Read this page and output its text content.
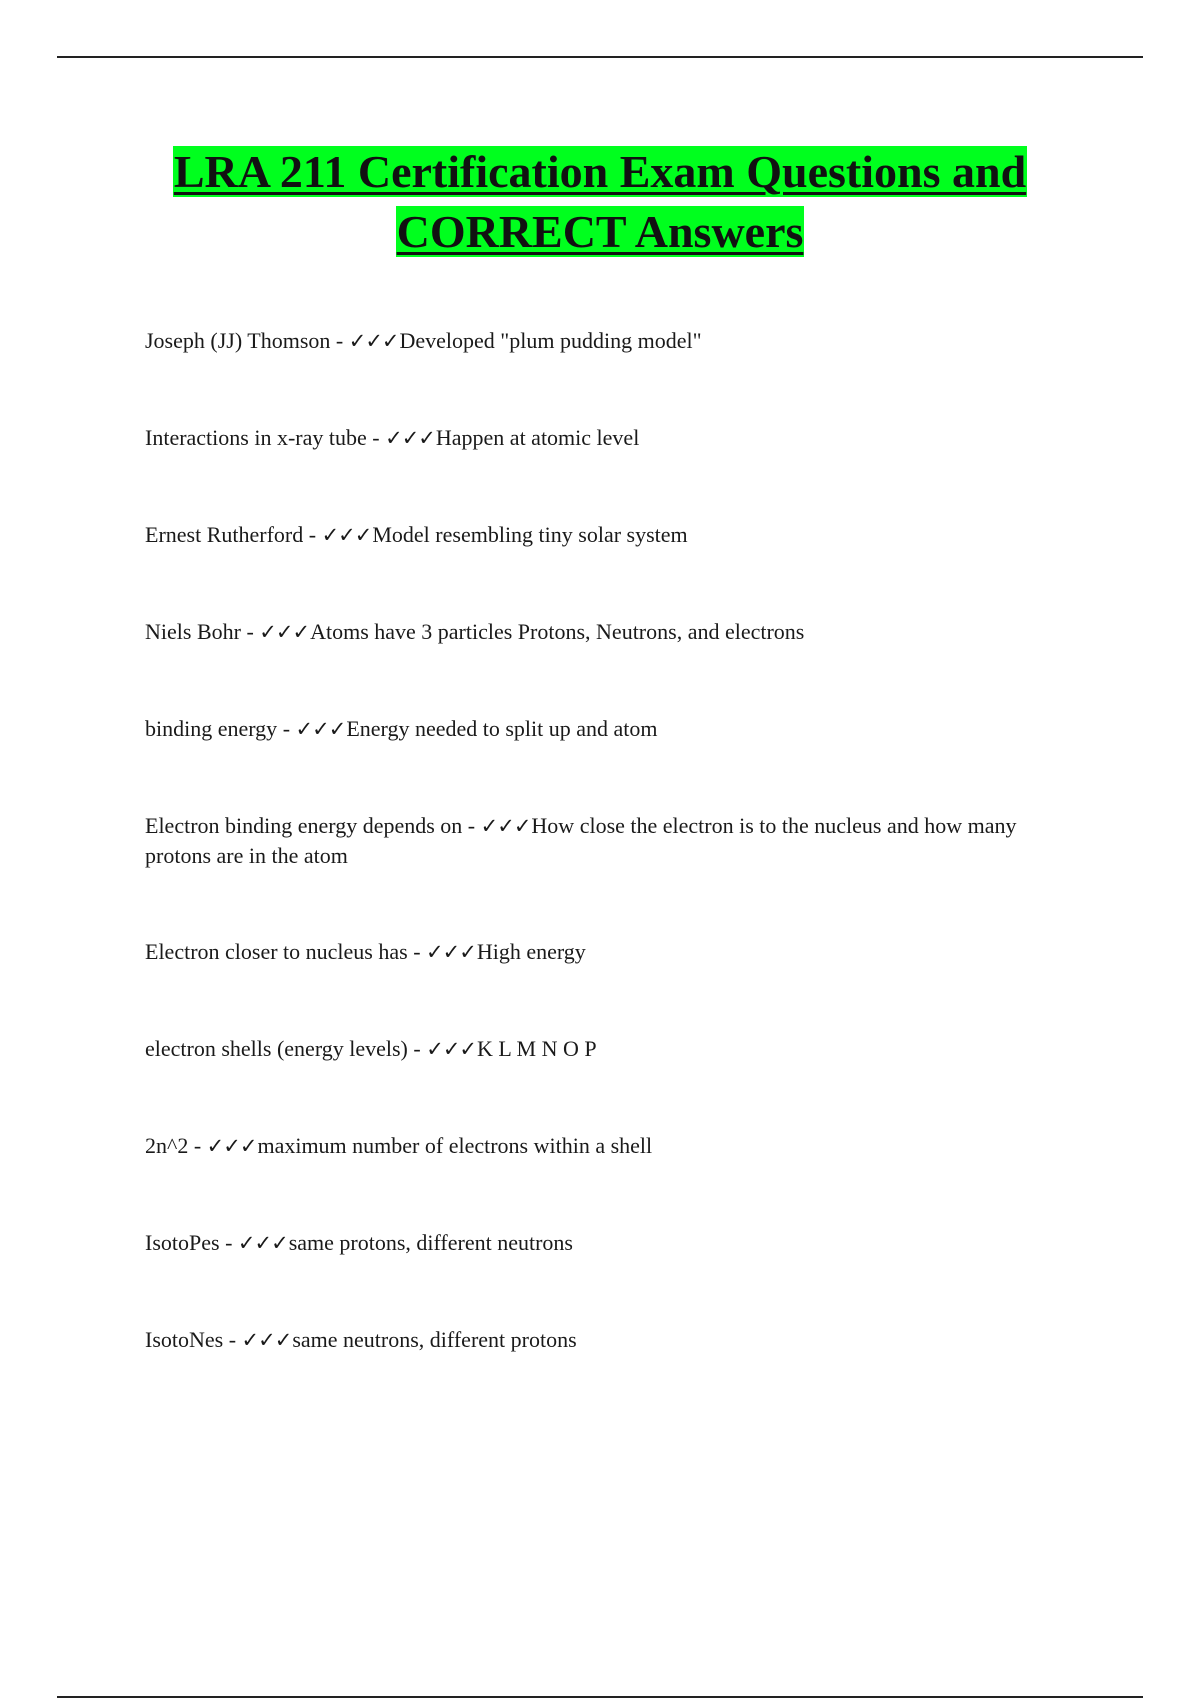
LRA 211 Certification Exam Questions and
CORRECT Answers
Joseph (JJ) Thomson - ✓✓✓Developed "plum pudding model"
Interactions in x-ray tube - ✓✓✓Happen at atomic level
Ernest Rutherford - ✓✓✓Model resembling tiny solar system
Niels Bohr - ✓✓✓Atoms have 3 particles Protons, Neutrons, and electrons
binding energy - ✓✓✓Energy needed to split up and atom
Electron binding energy depends on - ✓✓✓How close the electron is to the nucleus and how many protons are in the atom
Electron closer to nucleus has - ✓✓✓High energy
electron shells (energy levels) - ✓✓✓K L M N O P
2n^2 - ✓✓✓maximum number of electrons within a shell
IsotoPes - ✓✓✓same protons, different neutrons
IsotoNes - ✓✓✓same neutrons, different protons
